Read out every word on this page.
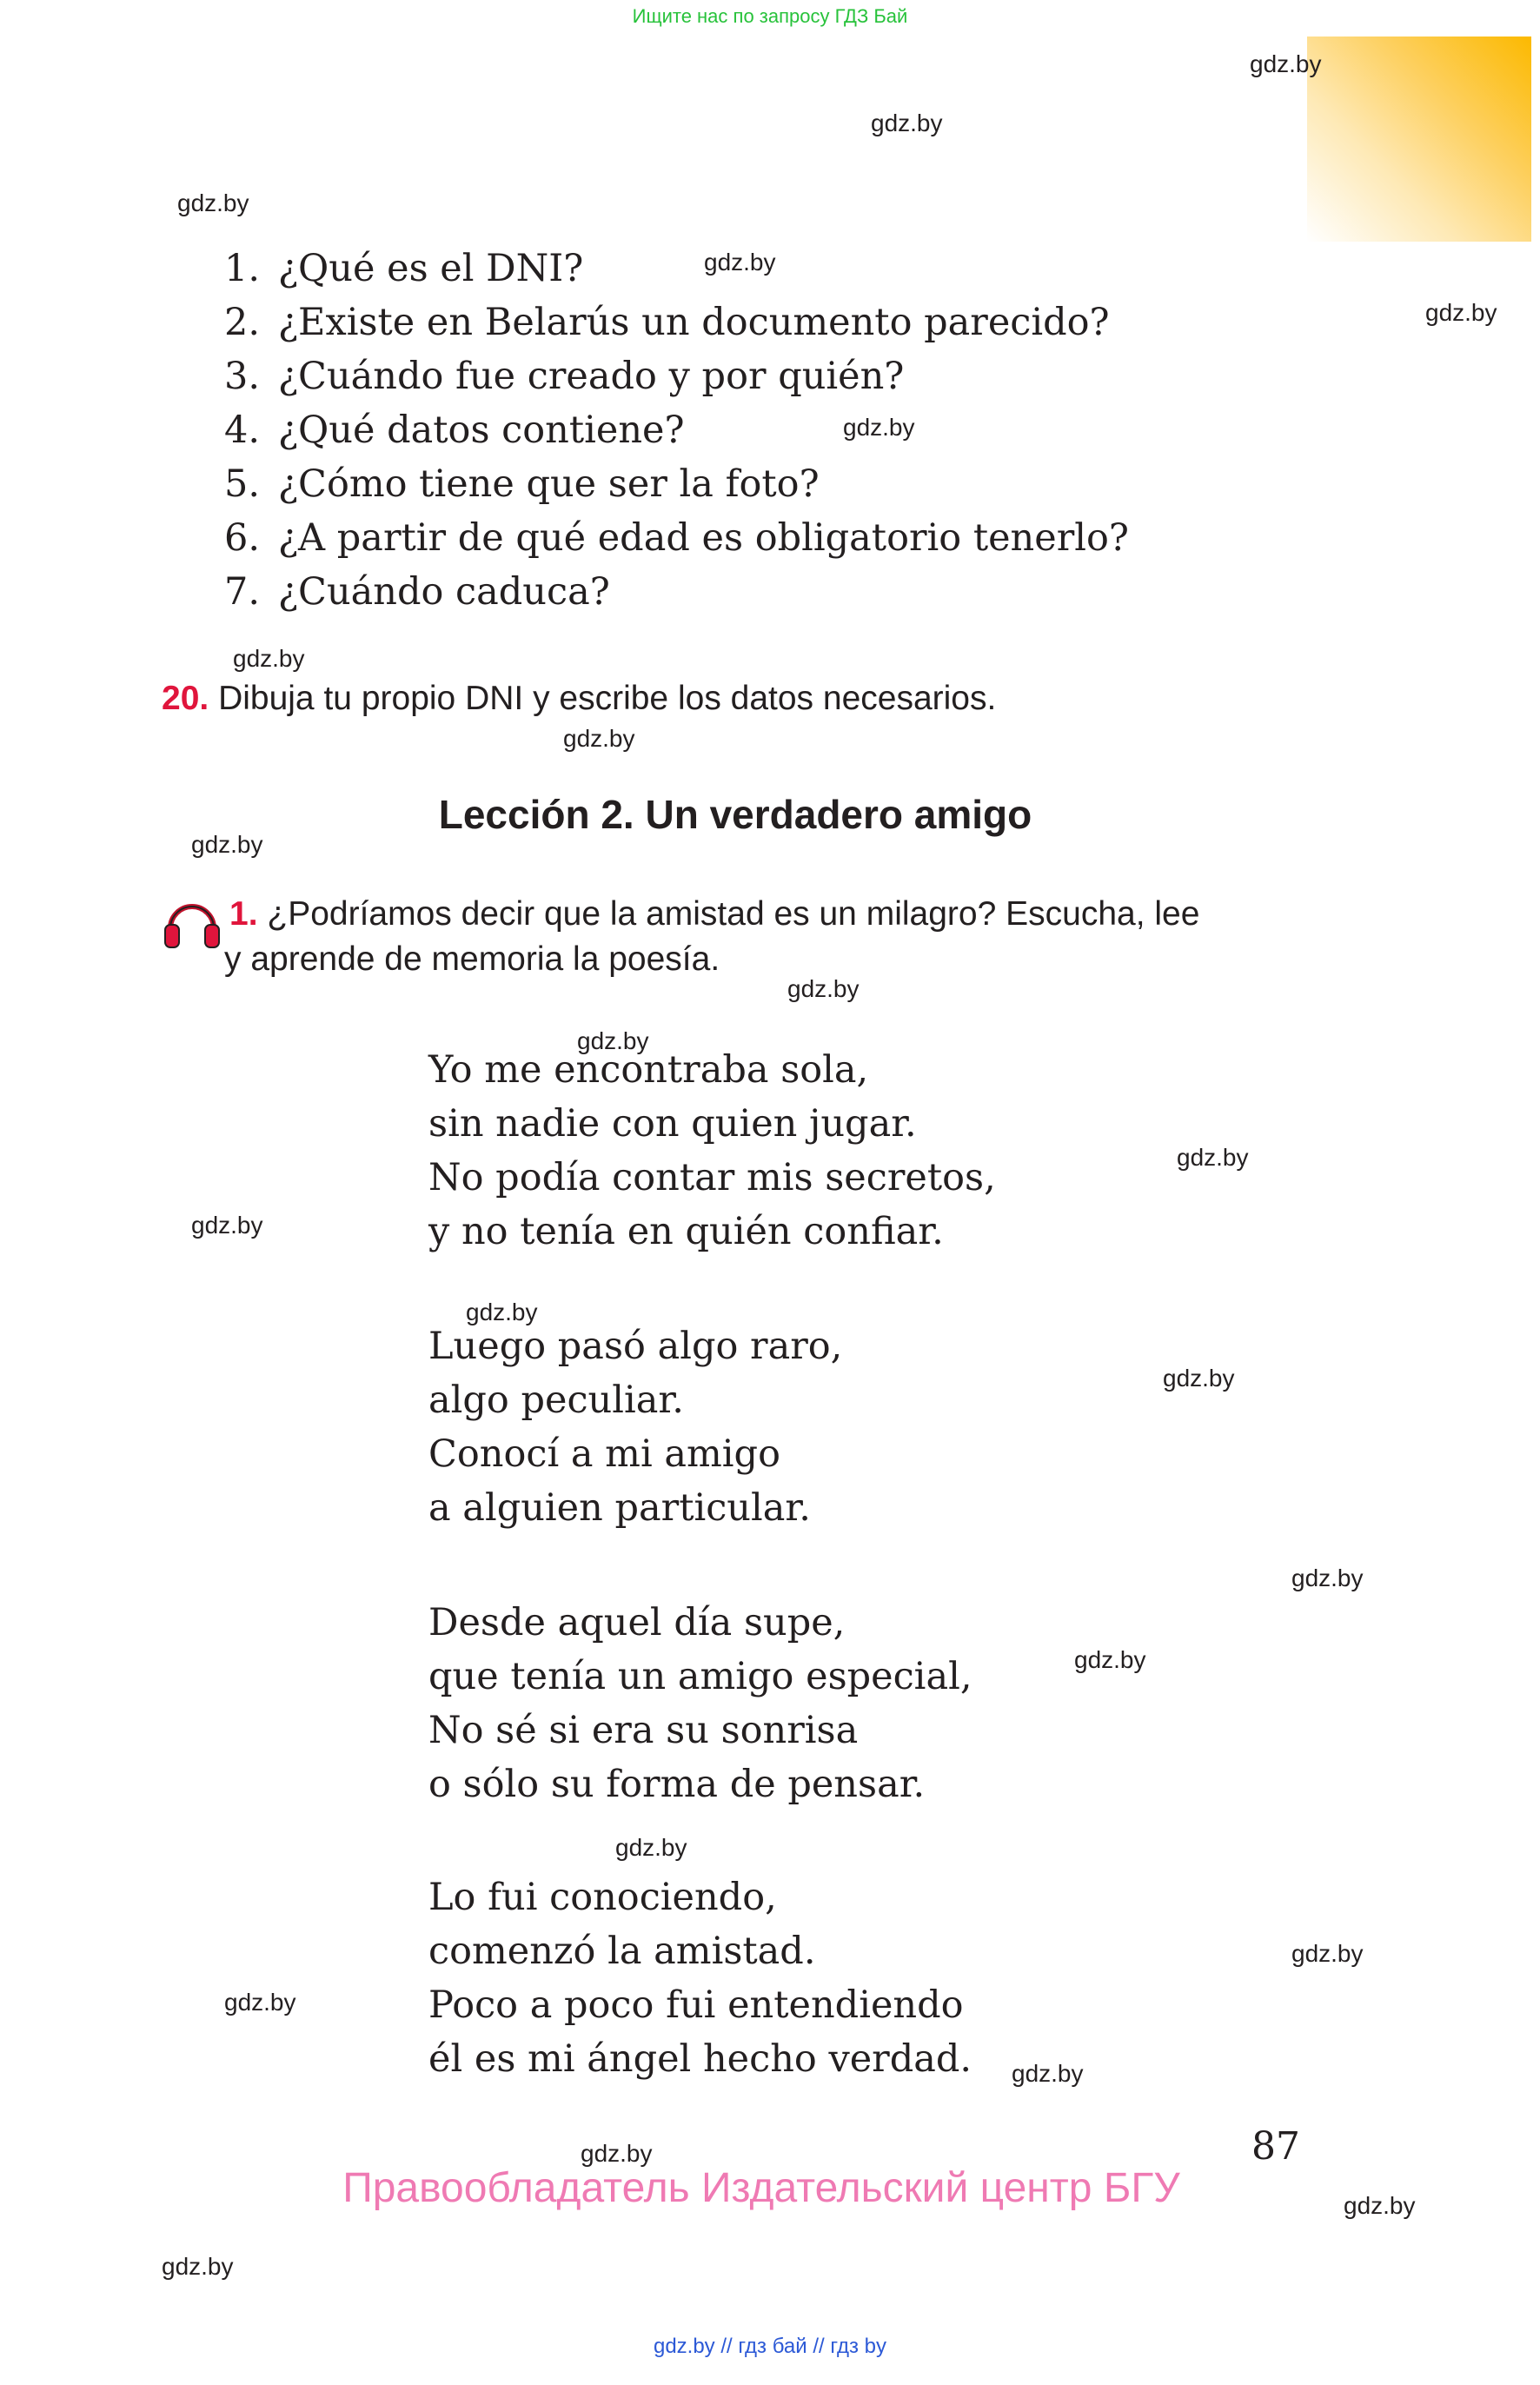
Ищите нас по запросу ГДЗ Бай
gdz.by
gdz.by
gdz.by
gdz.by
gdz.by
gdz.by
gdz.by
gdz.by
gdz.by
gdz.by
gdz.by
gdz.by
gdz.by
gdz.by
gdz.by
gdz.by
gdz.by
gdz.by
gdz.by
gdz.by
gdz.by
gdz.by
gdz.by
gdz.by
1. ¿Qué es el DNI?
2. ¿Existe en Belarús un documento parecido?
3. ¿Cuándo fue creado y por quién?
4. ¿Qué datos contiene?
5. ¿Cómo tiene que ser la foto?
6. ¿A partir de qué edad es obligatorio tenerlo?
7. ¿Cuándo caduca?
20. Dibuja tu propio DNI y escribe los datos necesarios.
Lección 2. Un verdadero amigo
1. ¿Podríamos decir que la amistad es un milagro? Escucha, lee
y aprende de memoria la poesía.
Yo me encontraba sola,
sin nadie con quien jugar.
No podía contar mis secretos,
y no tenía en quién confiar.
Luego pasó algo raro,
algo peculiar.
Conocí a mi amigo
a alguien particular.
Desde aquel día supe,
que tenía un amigo especial,
No sé si era su sonrisa
o sólo su forma de pensar.
Lo fui conociendo,
comenzó la amistad.
Poco a poco fui entendiendo
él es mi ángel hecho verdad.
87
Правообладатель Издательский центр БГУ
gdz.by // гдз бай // гдз by
